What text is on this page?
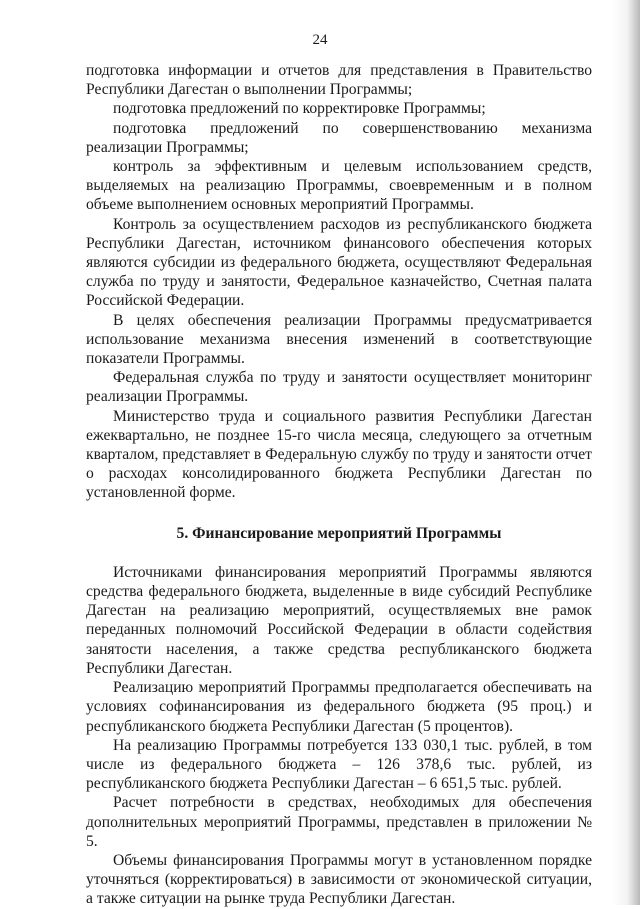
24

подготовка информации и отчетов для представления в Правительство Республики Дагестан о выполнении Программы;

подготовка предложений по корректировке Программы;

подготовка предложений по совершенствованию механизма реализации Программы;

контроль за эффективным и целевым использованием средств, выделяемых на реализацию Программы, своевременным и в полном объеме выполнением основных мероприятий Программы.

Контроль за осуществлением расходов из республиканского бюджета Республики Дагестан, источником финансового обеспечения которых являются субсидии из федерального бюджета, осуществляют Федеральная служба по труду и занятости, Федеральное казначейство, Счетная палата Российской Федерации.

В целях обеспечения реализации Программы предусматривается использование механизма внесения изменений в соответствующие показатели Программы.

Федеральная служба по труду и занятости осуществляет мониторинг реализации Программы.

Министерство труда и социального развития Республики Дагестан ежеквартально, не позднее 15-го числа месяца, следующего за отчетным кварталом, представляет в Федеральную службу по труду и занятости отчет о расходах консолидированного бюджета Республики Дагестан по установленной форме.

5. Финансирование мероприятий Программы

Источниками финансирования мероприятий Программы являются средства федерального бюджета, выделенные в виде субсидий Республике Дагестан на реализацию мероприятий, осуществляемых вне рамок переданных полномочий Российской Федерации в области содействия занятости населения, а также средства республиканского бюджета Республики Дагестан.

Реализацию мероприятий Программы предполагается обеспечивать на условиях софинансирования из федерального бюджета (95 проц.) и республиканского бюджета Республики Дагестан (5 процентов).

На реализацию Программы потребуется 133 030,1 тыс. рублей, в том числе из федерального бюджета – 126 378,6 тыс. рублей, из республиканского бюджета Республики Дагестан – 6 651,5 тыс. рублей.

Расчет потребности в средствах, необходимых для обеспечения дополнительных мероприятий Программы, представлен в приложении № 5.

Объемы финансирования Программы могут в установленном порядке уточняться (корректироваться) в зависимости от экономической ситуации, а также ситуации на рынке труда Республики Дагестан.
